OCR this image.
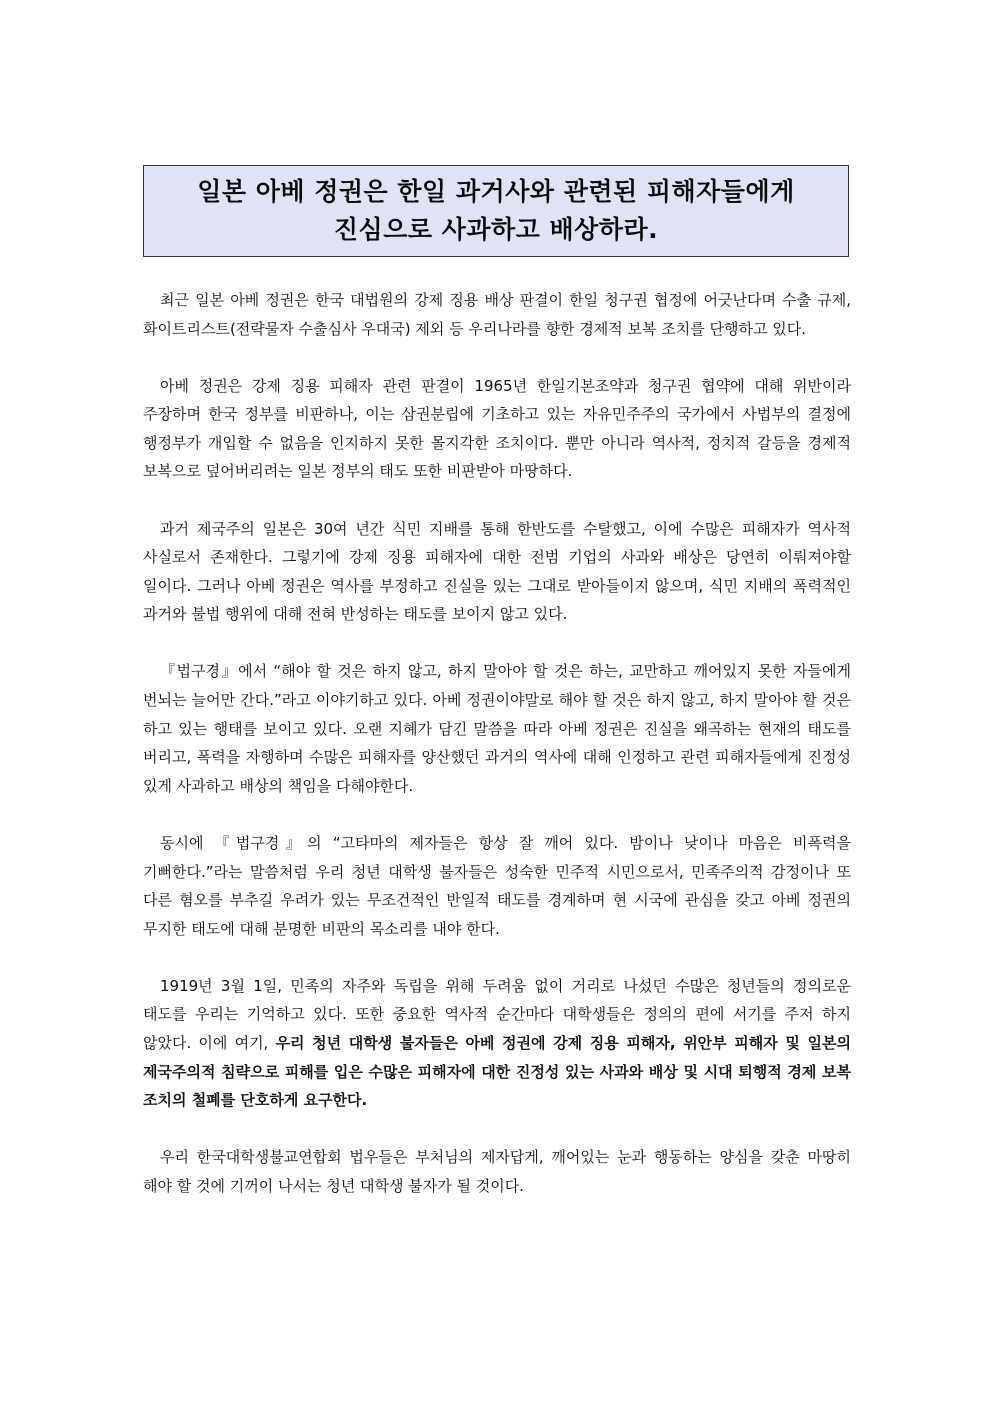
일본 아베 정권은 한일 과거사와 관련된 피해자들에게
진심으로 사과하고 배상하라.

최근 일본 아베 정권은 한국 대법원의 강제 징용 배상 판결이 한일 청구권 협정에 어긋난다며 수출 규제, 화이트리스트(전략물자 수출심사 우대국) 제외 등 우리나라를 향한 경제적 보복 조치를 단행하고 있다.

아베 정권은 강제 징용 피해자 관련 판결이 1965년 한일기본조약과 청구권 협약에 대해 위반이라 주장하며 한국 정부를 비판하나, 이는 삼권분립에 기초하고 있는 자유민주주의 국가에서 사법부의 결정에 행정부가 개입할 수 없음을 인지하지 못한 몰지각한 조치이다. 뿐만 아니라 역사적, 정치적 갈등을 경제적 보복으로 덮어버리려는 일본 정부의 태도 또한 비판받아 마땅하다.

과거 제국주의 일본은 30여 년간 식민 지배를 통해 한반도를 수탈했고, 이에 수많은 피해자가 역사적 사실로서 존재한다. 그렇기에 강제 징용 피해자에 대한 전범 기업의 사과와 배상은 당연히 이뤄져야할 일이다. 그러나 아베 정권은 역사를 부정하고 진실을 있는 그대로 받아들이지 않으며, 식민 지배의 폭력적인 과거와 불법 행위에 대해 전혀 반성하는 태도를 보이지 않고 있다.

『법구경』에서 “해야 할 것은 하지 않고, 하지 말아야 할 것은 하는, 교만하고 깨어있지 못한 자들에게 번뇌는 늘어만 간다.”라고 이야기하고 있다. 아베 정권이야말로 해야 할 것은 하지 않고, 하지 말아야 할 것은 하고 있는 행태를 보이고 있다. 오랜 지혜가 담긴 말씀을 따라 아베 정권은 진실을 왜곡하는 현재의 태도를 버리고, 폭력을 자행하며 수많은 피해자를 양산했던 과거의 역사에 대해 인정하고 관련 피해자들에게 진정성 있게 사과하고 배상의 책임을 다해야한다.

동시에 『법구경』의 “고타마의 제자들은 항상 잘 깨어 있다. 밤이나 낮이나 마음은 비폭력을 기뻐한다.”라는 말씀처럼 우리 청년 대학생 불자들은 성숙한 민주적 시민으로서, 민족주의적 감정이나 또 다른 혐오를 부추길 우려가 있는 무조건적인 반일적 태도를 경계하며 현 시국에 관심을 갖고 아베 정권의 무지한 태도에 대해 분명한 비판의 목소리를 내야 한다.

1919년 3월 1일, 민족의 자주와 독립을 위해 두려움 없이 거리로 나섰던 수많은 청년들의 정의로운 태도를 우리는 기억하고 있다. 또한 중요한 역사적 순간마다 대학생들은 정의의 편에 서기를 주저 하지 않았다. 이에 여기, 우리 청년 대학생 불자들은 아베 정권에 강제 징용 피해자, 위안부 피해자 및 일본의 제국주의적 침략으로 피해를 입은 수많은 피해자에 대한 진정성 있는 사과와 배상 및 시대 퇴행적 경제 보복 조치의 철폐를 단호하게 요구한다.

우리 한국대학생불교연합회 법우들은 부처님의 제자답게, 깨어있는 눈과 행동하는 양심을 갖춘 마땅히 해야 할 것에 기꺼이 나서는 청년 대학생 불자가 될 것이다.
